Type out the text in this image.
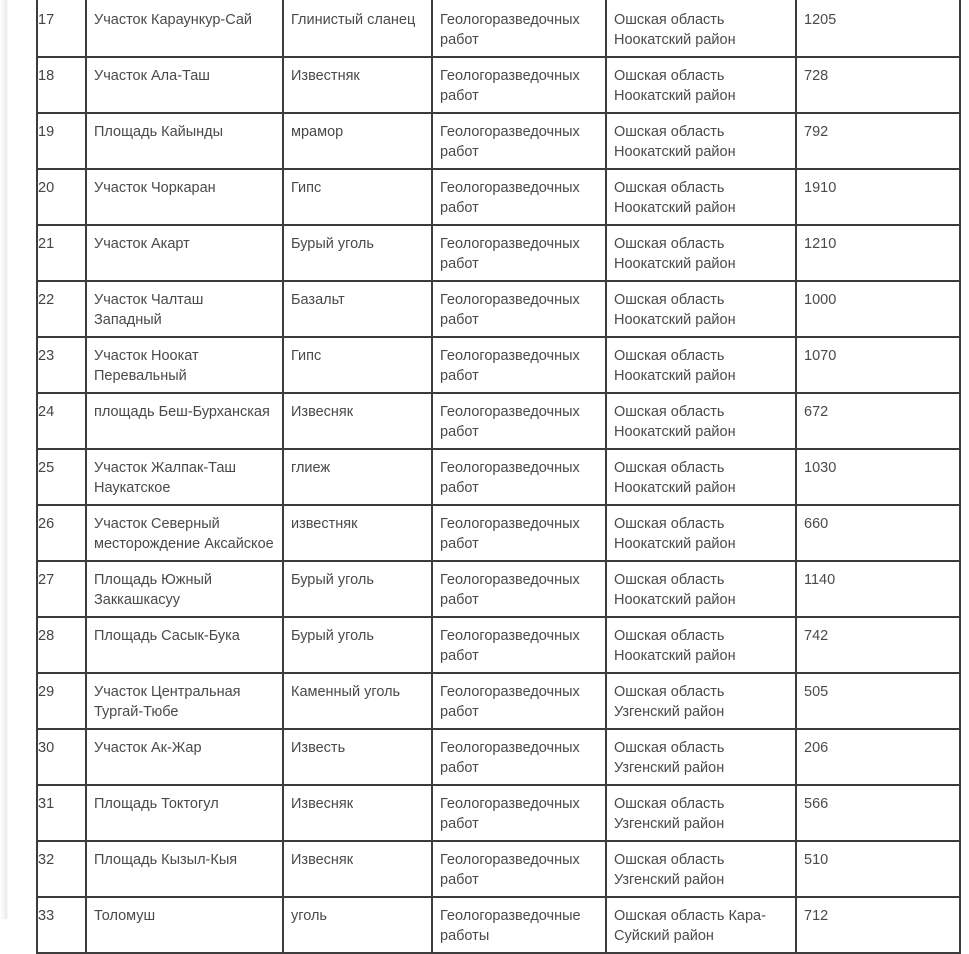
17	Участок Караункур-Сай	Глинистый сланец	Геологоразведочных работ	Ошская область Ноокатский район	1205
18	Участок Ала-Таш	Известняк	Геологоразведочных работ	Ошская область Ноокатский район	728
19	Площадь Кайынды	мрамор	Геологоразведочных работ	Ошская область Ноокатский район	792
20	Участок Чоркаран	Гипс	Геологоразведочных работ	Ошская область Ноокатский район	1910
21	Участок Акарт	Бурый уголь	Геологоразведочных работ	Ошская область Ноокатский район	1210
22	Участок Чалташ Западный	Базальт	Геологоразведочных работ	Ошская область Ноокатский район	1000
23	Участок Ноокат Перевальный	Гипс	Геологоразведочных работ	Ошская область Ноокатский район	1070
24	площадь Беш-Бурханская	Извесняк	Геологоразведочных работ	Ошская область Ноокатский район	672
25	Участок Жалпак-Таш Наукатское	глиеж	Геологоразведочных работ	Ошская область Ноокатский район	1030
26	Участок Северный месторождение Аксайское	известняк	Геологоразведочных работ	Ошская область Ноокатский район	660
27	Площадь Южный Заккашкасуу	Бурый уголь	Геологоразведочных работ	Ошская область Ноокатский район	1140
28	Площадь Сасык-Бука	Бурый уголь	Геологоразведочных работ	Ошская область Ноокатский район	742
29	Участок Центральная Тургай-Тюбе	Каменный уголь	Геологоразведочных работ	Ошская область Узгенский район	505
30	Участок Ак-Жар	Известь	Геологоразведочных работ	Ошская область Узгенский район	206
31	Площадь Токтогул	Извесняк	Геологоразведочных работ	Ошская область Узгенский район	566
32	Площадь Кызыл-Кыя	Извесняк	Геологоразведочных работ	Ошская область Узгенский район	510
33	Толомуш	уголь	Геологоразведочные работы	Ошская область Кара-Суйский район	712
